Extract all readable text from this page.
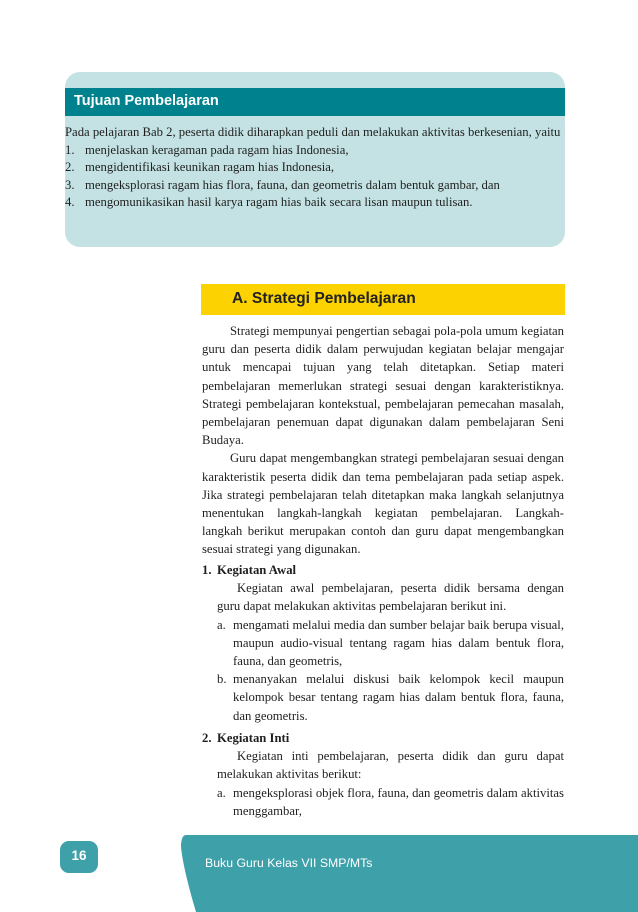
Tujuan Pembelajaran

Pada pelajaran Bab 2, peserta didik diharapkan peduli dan melakukan aktivitas berkesenian, yaitu

1. menjelaskan keragaman pada ragam hias Indonesia,
2. mengidentifikasi keunikan ragam hias Indonesia,
3. mengeksplorasi ragam hias flora, fauna, dan geometris dalam bentuk gambar, dan
4. mengomunikasikan hasil karya ragam hias baik secara lisan maupun tulisan.
A. Strategi Pembelajaran

Strategi mempunyai pengertian sebagai pola-pola umum kegiatan guru dan peserta didik dalam perwujudan kegiatan belajar mengajar untuk mencapai tujuan yang telah ditetapkan. Setiap materi pembelajaran memerlukan strategi sesuai dengan karakteristiknya. Strategi pembelajaran kontekstual, pembelajaran pemecahan masalah, pembelajaran penemuan dapat digunakan dalam pembelajaran Seni Budaya.

Guru dapat mengembangkan strategi pembelajaran sesuai dengan karakteristik peserta didik dan tema pembelajaran pada setiap aspek. Jika strategi pembelajaran telah ditetapkan maka langkah selanjutnya menentukan langkah-langkah kegiatan pembelajaran. Langkah-langkah berikut merupakan contoh dan guru dapat mengembangkan sesuai strategi yang digunakan.

1. Kegiatan Awal

Kegiatan awal pembelajaran, peserta didik bersama dengan guru dapat melakukan aktivitas pembelajaran berikut ini.

a. mengamati melalui media dan sumber belajar baik berupa visual, maupun audio-visual tentang ragam hias dalam bentuk flora, fauna, dan geometris,
b. menanyakan melalui diskusi baik kelompok kecil maupun kelompok besar tentang ragam hias dalam bentuk flora, fauna, dan geometris.
2. Kegiatan Inti

Kegiatan inti pembelajaran, peserta didik dan guru dapat melakukan aktivitas berikut:

a. mengeksplorasi objek flora, fauna, dan geometris dalam aktivitas menggambar,
16	Buku Guru Kelas VII SMP/MTs
